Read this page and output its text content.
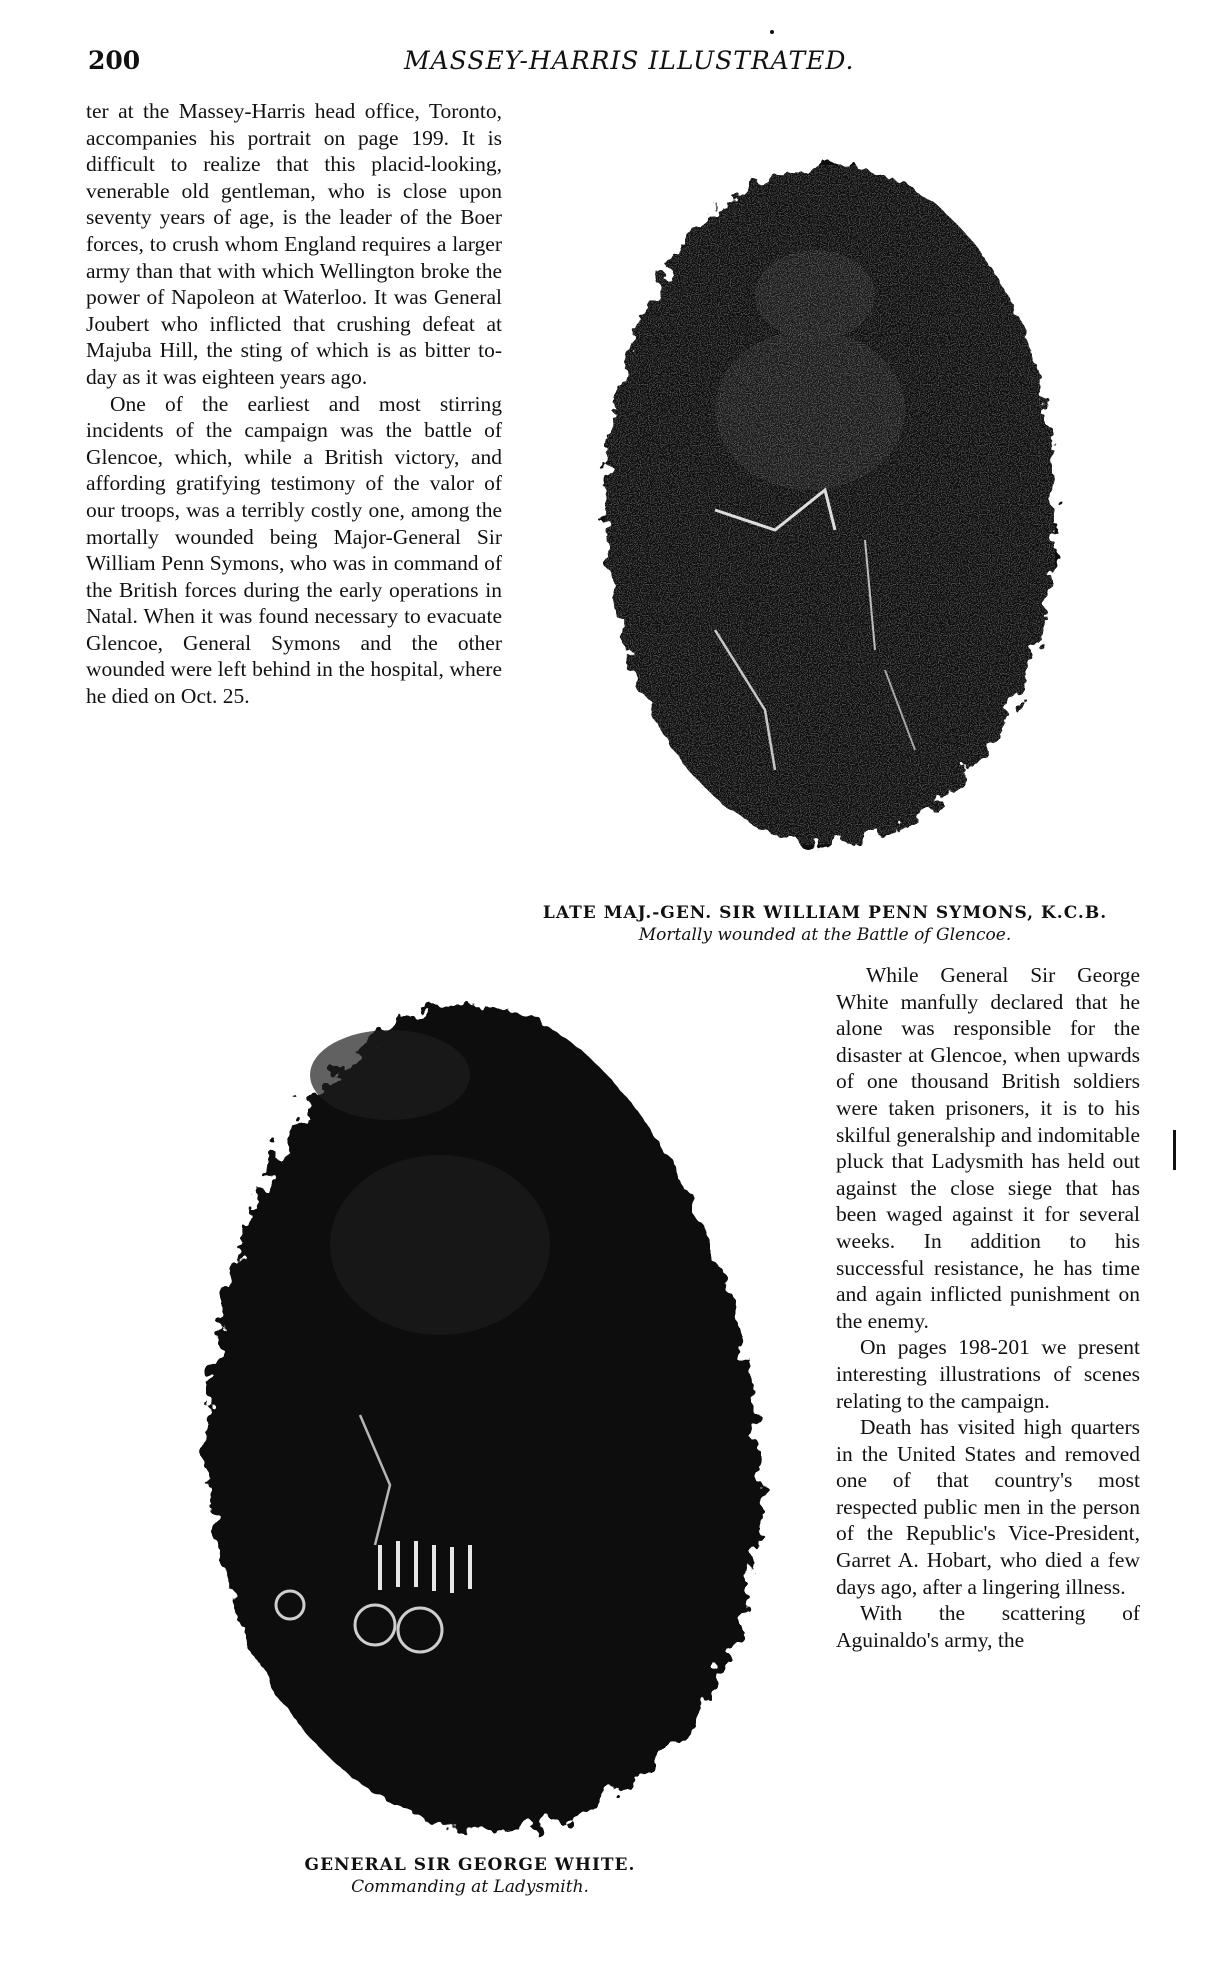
200	MASSEY-HARRIS ILLUSTRATED.

ter at the Massey-Harris head office, Toronto, accompanies his portrait on page 199. It is difficult to realize that this placid-looking, venerable old gentleman, who is close upon seventy years of age, is the leader of the Boer forces, to crush whom England requires a larger army than that with which Wellington broke the power of Napoleon at Waterloo. It was General Joubert who inflicted that crushing defeat at Majuba Hill, the sting of which is as bitter to-day as it was eighteen years ago.

One of the earliest and most stirring incidents of the campaign was the battle of Glencoe, which, while a British victory, and affording gratifying testimony of the valor of our troops, was a terribly costly one, among the mortally wounded being Major-General Sir William Penn Symons, who was in command of the British forces during the early operations in Natal. When it was found necessary to evacuate Glencoe, General Symons and the other wounded were left behind in the hospital, where he died on Oct. 25.

LATE MAJ.-GEN. SIR WILLIAM PENN SYMONS, K.C.B.
Mortally wounded at the Battle of Glencoe.
GENERAL SIR GEORGE WHITE.
Commanding at Ladysmith.

While General Sir George White manfully declared that he alone was responsible for the disaster at Glencoe, when upwards of one thousand British soldiers were taken prisoners, it is to his skilful generalship and indomitable pluck that Ladysmith has held out against the close siege that has been waged against it for several weeks. In addition to his successful resistance, he has time and again inflicted punishment on the enemy.

On pages 198-201 we present interesting illustrations of scenes relating to the campaign.

Death has visited high quarters in the United States and removed one of that country's most respected public men in the person of the Republic's Vice-President, Garret A. Hobart, who died a few days ago, after a lingering illness.

With the scattering of Aguinaldo's army, the
